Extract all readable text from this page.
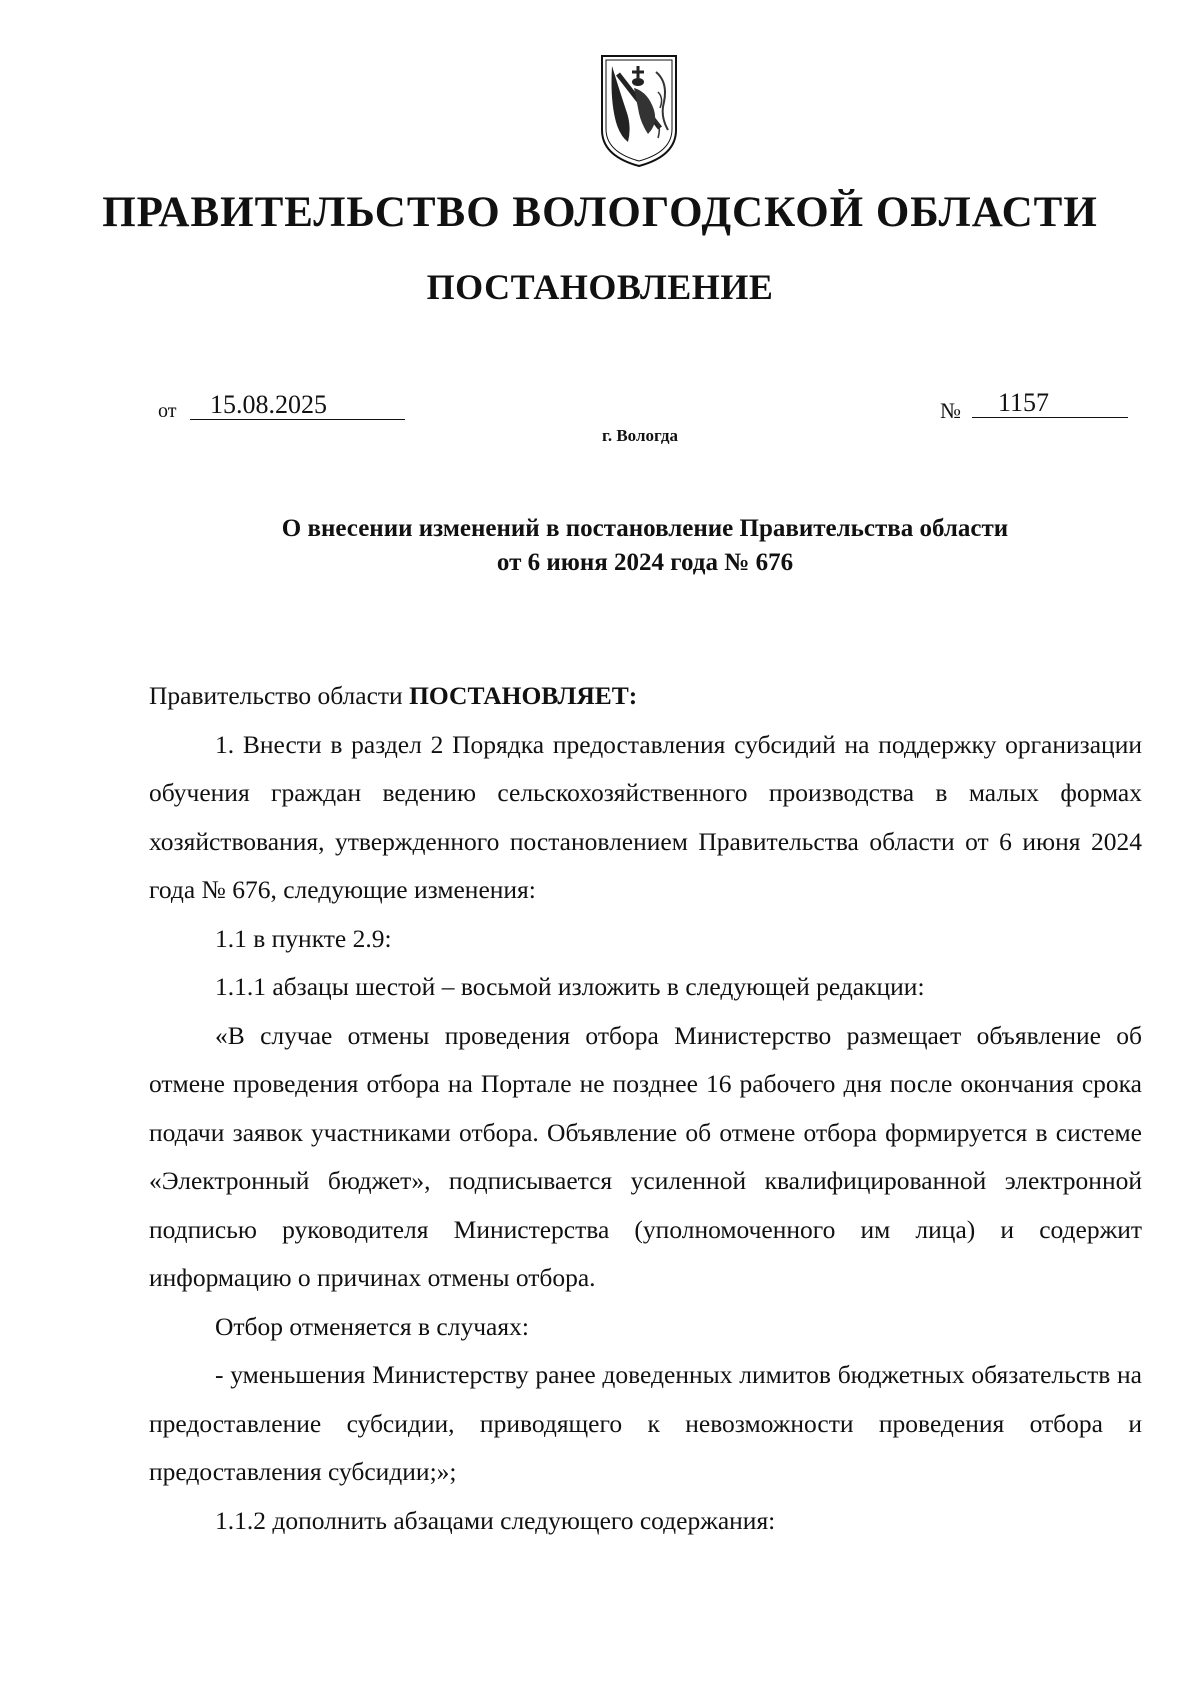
ПРАВИТЕЛЬСТВО ВОЛОГОДСКОЙ ОБЛАСТИ
ПОСТАНОВЛЕНИЕ
от 15.08.2025	№ 1157
г. Вологда
О внесении изменений в постановление Правительства области
от 6 июня 2024 года № 676

Правительство области ПОСТАНОВЛЯЕТ:

1. Внести в раздел 2 Порядка предоставления субсидий на поддержку организации обучения граждан ведению сельскохозяйственного производства в малых формах хозяйствования, утвержденного постановлением Правительства области от 6 июня 2024 года № 676, следующие изменения:

1.1 в пункте 2.9:

1.1.1 абзацы шестой – восьмой изложить в следующей редакции:

«В случае отмены проведения отбора Министерство размещает объявление об отмене проведения отбора на Портале не позднее 16 рабочего дня после окончания срока подачи заявок участниками отбора. Объявление об отмене отбора формируется в системе «Электронный бюджет», подписывается усиленной квалифицированной электронной подписью руководителя Министерства (уполномоченного им лица) и содержит информацию о причинах отмены отбора.

Отбор отменяется в случаях:

- уменьшения Министерству ранее доведенных лимитов бюджетных обязательств на предоставление субсидии, приводящего к невозможности проведения отбора и предоставления субсидии;»;

1.1.2 дополнить абзацами следующего содержания:
